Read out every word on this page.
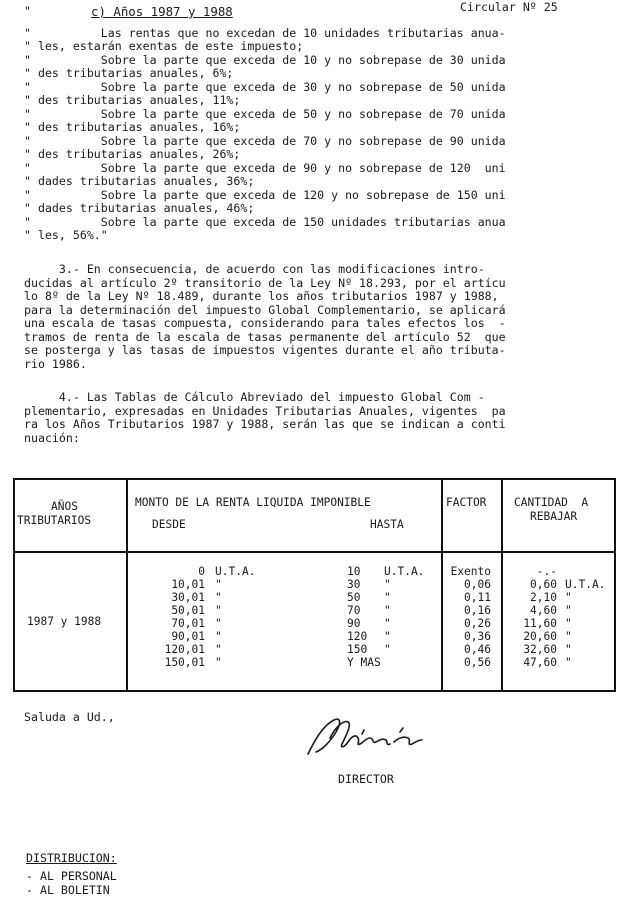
"	c) Años 1987 y 1988	Circular Nº 25
"          Las rentas que no excedan de 10 unidades tributarias anua-
" les, estarán exentas de este impuesto;
"          Sobre la parte que exceda de 10 y no sobrepase de 30 unida
" des tributarias anuales, 6%;
"          Sobre la parte que exceda de 30 y no sobrepase de 50 unida
" des tributarias anuales, 11%;
"          Sobre la parte que exceda de 50 y no sobrepase de 70 unida
" des tributarias anuales, 16%;
"          Sobre la parte que exceda de 70 y no sobrepase de 90 unida
" des tributarias anuales, 26%;
"          Sobre la parte que exceda de 90 y no sobrepase de 120  uni
" dades tributarias anuales, 36%;
"          Sobre la parte que exceda de 120 y no sobrepase de 150 uni
" dades tributarias anuales, 46%;
"          Sobre la parte que exceda de 150 unidades tributarias anua
" les, 56%."
3.- En consecuencia, de acuerdo con las modificaciones intro-
ducidas al artículo 2º transitorio de la Ley Nº 18.293, por el artícu
lo 8º de la Ley Nº 18.489, durante los años tributarios 1987 y 1988,
para la determinación del impuesto Global Complementario, se aplicará
una escala de tasas compuesta, considerando para tales efectos los  -
tramos de renta de la escala de tasas permanente del artículo 52  que
se posterga y las tasas de impuestos vigentes durante el año tributa-
rio 1986.
4.- Las Tablas de Cálculo Abreviado del impuesto Global Com -
plementario, expresadas en Unidades Tributarias Anuales, vigentes  pa
ra los Años Tributarios 1987 y 1988, serán las que se indican a conti
nuación:
AÑOS
TRIBUTARIOS
MONTO DE LA RENTA LIQUIDA IMPONIBLE
DESDE	HASTA
FACTOR CANTIDAD  A
REBAJAR
1987 y 1988
0 U.T.A.	10 U.T.A. Exento	-.-
10,01 "	30 "	0,06	0,60 U.T.A.
30,01 "	50 "	0,11	2,10 "
50,01 "	70 "	0,16	4,60 "
70,01 "	90 "	0,26	11,60 "
90,01 "	120 "	0,36	20,60 "
120,01 "	150 "	0,46	32,60 "
150,01 "	Y MAS	0,56	47,60 "
Saluda a Ud.,
DIRECTOR
DISTRIBUCION:
- AL PERSONAL
- AL BOLETIN
